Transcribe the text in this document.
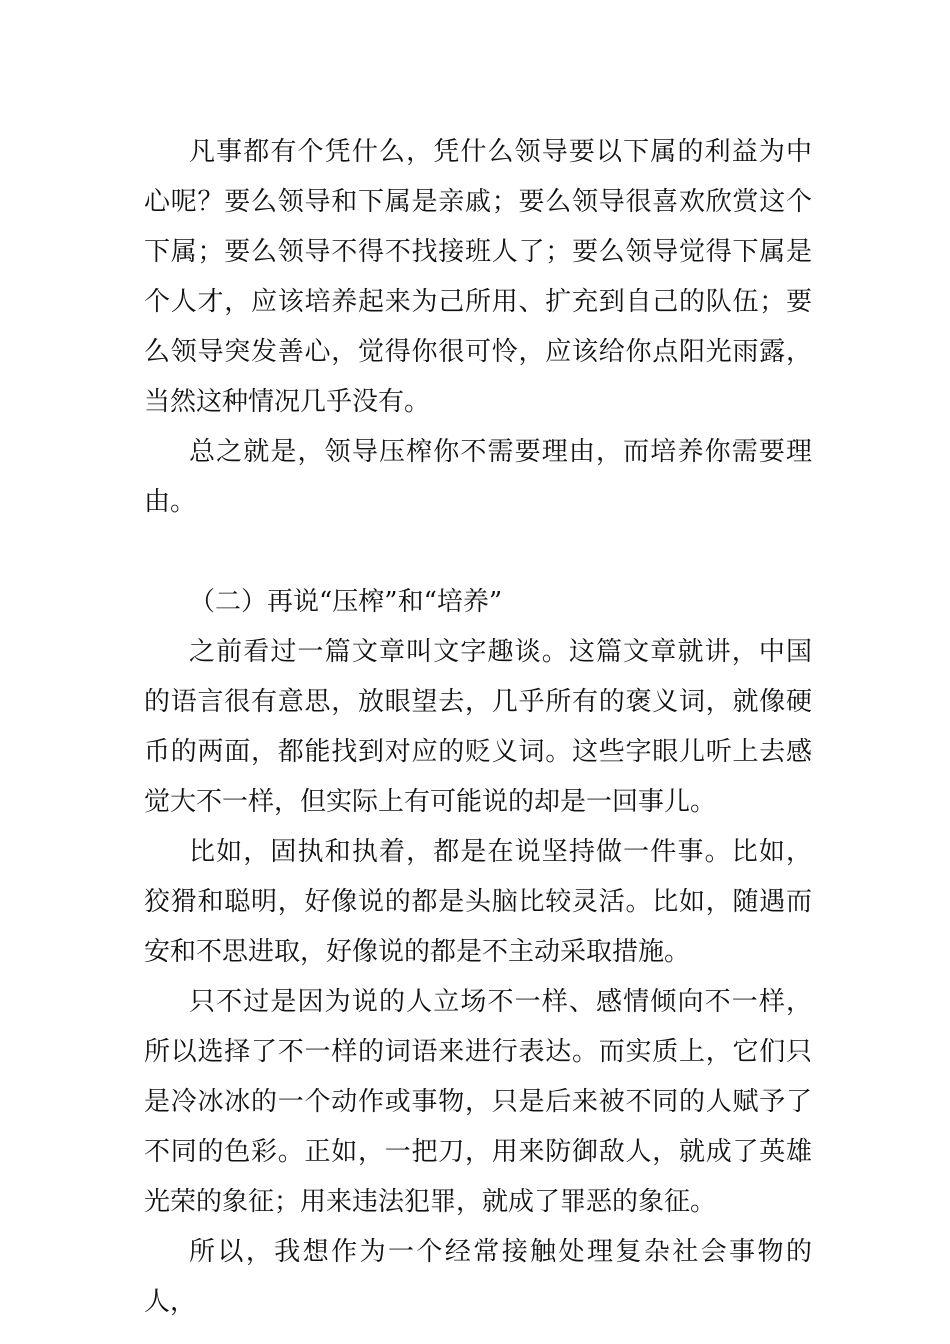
凡事都有个凭什么，凭什么领导要以下属的利益为中心呢？要么领导和下属是亲戚；要么领导很喜欢欣赏这个下属；要么领导不得不找接班人了；要么领导觉得下属是个人才，应该培养起来为己所用、扩充到自己的队伍；要么领导突发善心，觉得你很可怜，应该给你点阳光雨露，当然这种情况几乎没有。

总之就是，领导压榨你不需要理由，而培养你需要理由。

（二）再说“压榨”和“培养”

之前看过一篇文章叫文字趣谈。这篇文章就讲，中国的语言很有意思，放眼望去，几乎所有的褒义词，就像硬币的两面，都能找到对应的贬义词。这些字眼儿听上去感觉大不一样，但实际上有可能说的却是一回事儿。

比如，固执和执着，都是在说坚持做一件事。比如，狡猾和聪明，好像说的都是头脑比较灵活。比如，随遇而安和不思进取，好像说的都是不主动采取措施。

只不过是因为说的人立场不一样、感情倾向不一样，所以选择了不一样的词语来进行表达。而实质上，它们只是冷冰冰的一个动作或事物，只是后来被不同的人赋予了不同的色彩。正如，一把刀，用来防御敌人，就成了英雄光荣的象征；用来违法犯罪，就成了罪恶的象征。

所以，我想作为一个经常接触处理复杂社会事物的人，
